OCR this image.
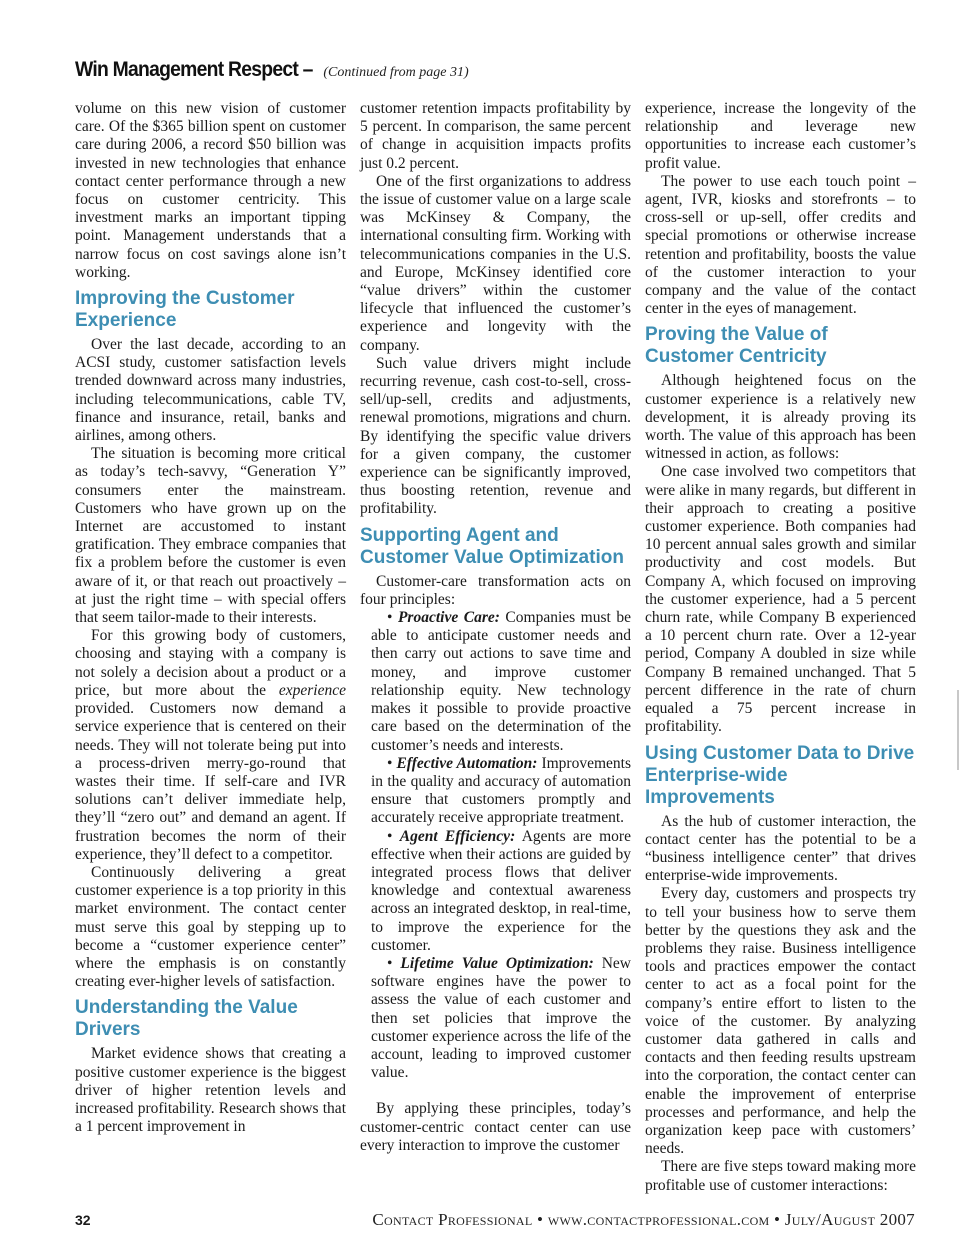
Win Management Respect – (Continued from page 31)

volume on this new vision of customer care. Of the $365 billion spent on customer care during 2006, a record $50 billion was invested in new technologies that enhance contact center performance through a new focus on customer centricity. This investment marks an important tipping point. Management understands that a narrow focus on cost savings alone isn’t working.

Improving the Customer Experience

Over the last decade, according to an ACSI study, customer satisfaction levels trended downward across many industries, including telecommunications, cable TV, finance and insurance, retail, banks and airlines, among others.

The situation is becoming more critical as today’s tech-savvy, “Generation Y” consumers enter the mainstream. Customers who have grown up on the Internet are accustomed to instant gratification. They embrace companies that fix a problem before the customer is even aware of it, or that reach out proactively – at just the right time – with special offers that seem tailor-made to their interests.

For this growing body of customers, choosing and staying with a company is not solely a decision about a product or a price, but more about the experience provided. Customers now demand a service experience that is centered on their needs. They will not tolerate being put into a process-driven merry-go-round that wastes their time. If self-care and IVR solutions can’t deliver immediate help, they’ll “zero out” and demand an agent. If frustration becomes the norm of their experience, they’ll defect to a competitor.

Continuously delivering a great customer experience is a top priority in this market environment. The contact center must serve this goal by stepping up to become a “customer experience center” where the emphasis is on constantly creating ever-higher levels of satisfaction.

Understanding the Value Drivers

Market evidence shows that creating a positive customer experience is the biggest driver of higher retention levels and increased profitability. Research shows that a 1 percent improvement in

customer retention impacts profitability by 5 percent. In comparison, the same percent of change in acquisition impacts profits just 0.2 percent.

One of the first organizations to address the issue of customer value on a large scale was McKinsey & Company, the international consulting firm. Working with telecommunications companies in the U.S. and Europe, McKinsey identified core “value drivers” within the customer lifecycle that influenced the customer’s experience and longevity with the company.

Such value drivers might include recurring revenue, cash cost-to-sell, cross-sell/up-sell, credits and adjustments, renewal promotions, migrations and churn. By identifying the specific value drivers for a given company, the customer experience can be significantly improved, thus boosting retention, revenue and profitability.

Supporting Agent and Customer Value Optimization

Customer-care transformation acts on four principles:

• Proactive Care: Companies must be able to anticipate customer needs and then carry out actions to save time and money, and improve customer relationship equity. New technology makes it possible to provide proactive care based on the determination of the customer’s needs and interests.

• Effective Automation: Improvements in the quality and accuracy of automation ensure that customers promptly and accurately receive appropriate treatment.

• Agent Efficiency: Agents are more effective when their actions are guided by integrated process flows that deliver knowledge and contextual awareness across an integrated desktop, in real-time, to improve the experience for the customer.

• Lifetime Value Optimization: New software engines have the power to assess the value of each customer and then set policies that improve the customer experience across the life of the account, leading to improved customer value.

By applying these principles, today’s customer-centric contact center can use every interaction to improve the customer

experience, increase the longevity of the relationship and leverage new opportunities to increase each customer’s profit value.

The power to use each touch point – agent, IVR, kiosks and storefronts – to cross-sell or up-sell, offer credits and special promotions or otherwise increase retention and profitability, boosts the value of the customer interaction to your company and the value of the contact center in the eyes of management.

Proving the Value of Customer Centricity

Although heightened focus on the customer experience is a relatively new development, it is already proving its worth. The value of this approach has been witnessed in action, as follows:

One case involved two competitors that were alike in many regards, but different in their approach to creating a positive customer experience. Both companies had 10 percent annual sales growth and similar productivity and cost models. But Company A, which focused on improving the customer experience, had a 5 percent churn rate, while Company B experienced a 10 percent churn rate. Over a 12-year period, Company A doubled in size while Company B remained unchanged. That 5 percent difference in the rate of churn equaled a 75 percent increase in profitability.

Using Customer Data to Drive Enterprise-wide Improvements

As the hub of customer interaction, the contact center has the potential to be a “business intelligence center” that drives enterprise-wide improvements.

Every day, customers and prospects try to tell your business how to serve them better by the questions they ask and the problems they raise. Business intelligence tools and practices empower the contact center to act as a focal point for the company’s entire effort to listen to the voice of the customer. By analyzing customer data gathered in calls and contacts and then feeding results upstream into the corporation, the contact center can enable the improvement of enterprise processes and performance, and help the organization keep pace with customers’ needs.

There are five steps toward making more profitable use of customer interactions:

32	Contact Professional • www.contactprofessional.com • July/August 2007
